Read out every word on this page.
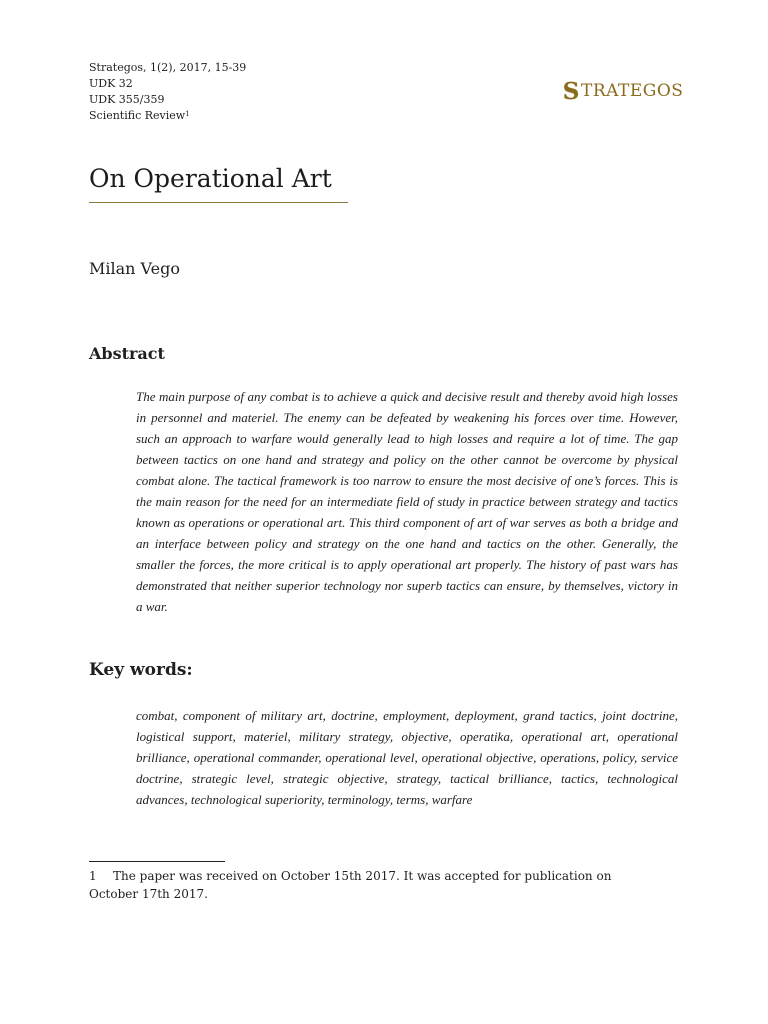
Strategos, 1(2), 2017, 15-39
UDK 32
UDK 355/359
Scientific Review$^1$
S TRATEGOS
On Operational Art
Milan Vego
Abstract

The main purpose of any combat is to achieve a quick and decisive result and thereby avoid high losses in personnel and materiel. The enemy can be defeated by weakening his forces over time. However, such an approach to warfare would generally lead to high losses and require a lot of time. The gap between tactics on one hand and strategy and policy on the other cannot be overcome by physical combat alone. The tactical framework is too narrow to ensure the most decisive of one’s forces. This is the main reason for the need for an intermediate field of study in practice between strategy and tactics known as operations or operational art. This third component of art of war serves as both a bridge and an interface between policy and strategy on the one hand and tactics on the other. Generally, the smaller the forces, the more critical is to apply operational art properly. The history of past wars has demonstrated that neither superior technology nor superb tactics can ensure, by themselves, victory in a war.

Key words:

combat, component of military art, doctrine, employment, deployment, grand tactics, joint doctrine, logistical support, materiel, military strategy, objective, operatika, operational art, operational brilliance, operational commander, operational level, operational objective, operations, policy, service doctrine, strategic level, strategic objective, strategy, tactical brilliance, tactics, technological advances, technological superiority, terminology, terms, warfare

1 The paper was received on October 15th 2017. It was accepted for publication on October 17th 2017.
